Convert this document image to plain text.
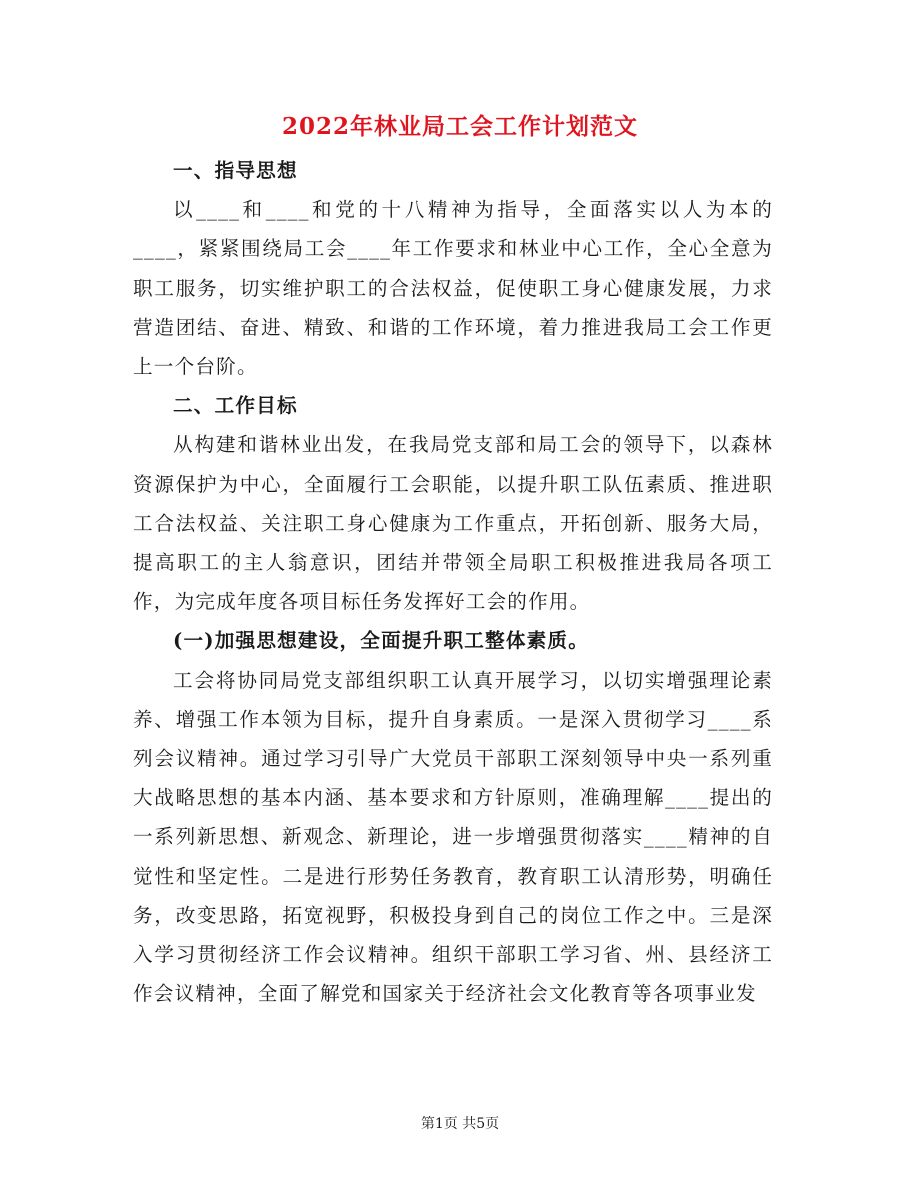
2022年林业局工会工作计划范文

一、指导思想

以____和____和党的十八精神为指导，全面落实以人为本的____，紧紧围绕局工会____年工作要求和林业中心工作，全心全意为职工服务，切实维护职工的合法权益，促使职工身心健康发展，力求营造团结、奋进、精致、和谐的工作环境，着力推进我局工会工作更上一个台阶。

二、工作目标

从构建和谐林业出发，在我局党支部和局工会的领导下，以森林资源保护为中心，全面履行工会职能，以提升职工队伍素质、推进职工合法权益、关注职工身心健康为工作重点，开拓创新、服务大局，提高职工的主人翁意识，团结并带领全局职工积极推进我局各项工作，为完成年度各项目标任务发挥好工会的作用。

(一)加强思想建设，全面提升职工整体素质。

工会将协同局党支部组织职工认真开展学习，以切实增强理论素养、增强工作本领为目标，提升自身素质。一是深入贯彻学习____系列会议精神。通过学习引导广大党员干部职工深刻领导中央一系列重大战略思想的基本内涵、基本要求和方针原则，准确理解____提出的一系列新思想、新观念、新理论，进一步增强贯彻落实____精神的自觉性和坚定性。二是进行形势任务教育，教育职工认清形势，明确任务，改变思路，拓宽视野，积极投身到自己的岗位工作之中。三是深入学习贯彻经济工作会议精神。组织干部职工学习省、州、县经济工作会议精神，全面了解党和国家关于经济社会文化教育等各项事业发

第1页 共5页
